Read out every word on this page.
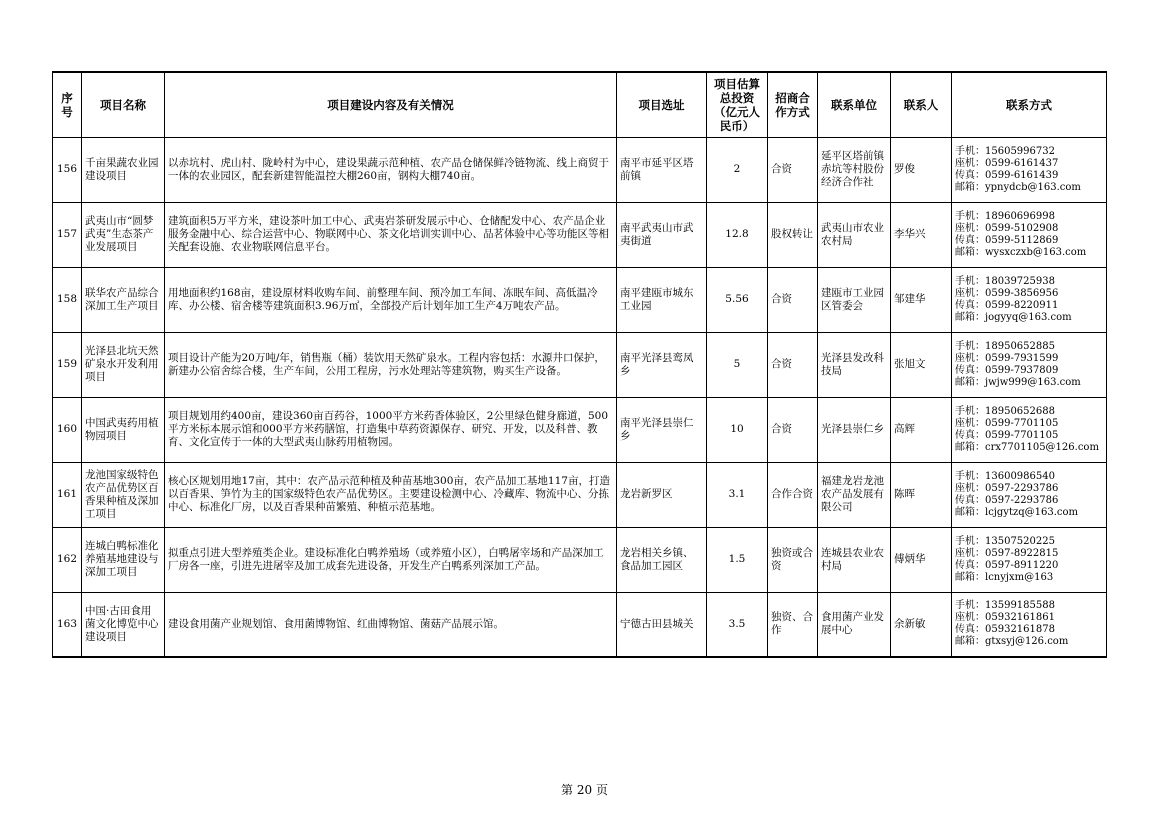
序号	项目名称	项目建设内容及有关情况	项目选址	项目估算总投资（亿元人民币）	招商合作方式	联系单位	联系人	联系方式
156	千亩果蔬农业园建设项目	以赤坑村、虎山村、陇岭村为中心，建设果蔬示范种植、农产品仓储保鲜冷链物流、线上商贸于一体的农业园区，配套新建智能温控大棚260亩，钢构大棚740亩。	南平市延平区塔前镇	2	合资	延平区塔前镇赤坑等村股份经济合作社	罗俊	手机：15605996732
座机：0599-6161437
传真：0599-6161439
邮箱：ypnydcb@163.com

157	武夷山市“圆梦武夷”生态茶产业发展项目	建筑面积5万平方米，建设茶叶加工中心、武夷岩茶研发展示中心、仓储配发中心、农产品企业服务金融中心、综合运营中心、物联网中心、茶文化培训实训中心、品茗体验中心等功能区等相关配套设施、农业物联网信息平台。	南平武夷山市武夷街道	12.8	股权转让	武夷山市农业农村局	李华兴	手机：18960696998
座机：0599-5102908
传真：0599-5112869
邮箱：wysxczxb@163.com

158	联华农产品综合深加工生产项目	用地面积约168亩，建设原材料收购车间、前整理车间、预冷加工车间、冻眠车间、高低温冷库、办公楼、宿舍楼等建筑面积3.96万㎡，全部投产后计划年加工生产4万吨农产品。	南平建瓯市城东工业园	5.56	合资	建瓯市工业园区管委会	邹建华	手机：18039725938
座机：0599-3856956
传真：0599-8220911
邮箱：jogyyq@163.com

159	光泽县北坑天然矿泉水开发利用项目	项目设计产能为20万吨/年，销售瓶（桶）装饮用天然矿泉水。工程内容包括：水源井口保护，新建办公宿舍综合楼，生产车间，公用工程房，污水处理站等建筑物，购买生产设备。	南平光泽县鸾凤乡	5	合资	光泽县发改科技局	张旭文	手机：18950652885
座机：0599-7931599
传真：0599-7937809
邮箱：jwjw999@163.com

160	中国武夷药用植物园项目	项目规划用约400亩，建设360亩百药谷，1000平方米药香体验区，2公里绿色健身廊道，500平方米标本展示馆和000平方米药膳馆，打造集中草药资源保存、研究、开发，以及科普、教育、文化宣传于一体的大型武夷山脉药用植物园。	南平光泽县崇仁乡	10	合资	光泽县崇仁乡	高辉	手机：18950652688
座机：0599-7701105
传真：0599-7701105
邮箱：crx7701105@126.com

161	龙池国家级特色农产品优势区百香果种植及深加工项目	核心区规划用地17亩，其中：农产品示范种植及种苗基地300亩，农产品加工基地117亩，打造以百香果、笋竹为主的国家级特色农产品优势区。主要建设检测中心、冷藏库、物流中心、分拣中心、标准化厂房，以及百香果种苗繁殖、种植示范基地。	龙岩新罗区	3.1	合作合资	福建龙岩龙池农产品发展有限公司	陈晖	手机：13600986540
座机：0597-2293786
传真：0597-2293786
邮箱：lcjgytzq@163.com

162	连城白鸭标准化养殖基地建设与深加工项目	拟重点引进大型养殖类企业。建设标准化白鸭养殖场（或养殖小区），白鸭屠宰场和产品深加工厂房各一座，引进先进屠宰及加工成套先进设备，开发生产白鸭系列深加工产品。	龙岩相关乡镇、食品加工园区	1.5	独资或合资	连城县农业农村局	傅炳华	手机：13507520225
座机：0597-8922815
传真：0597-8911220
邮箱：lcnyjxm@163

163	中国·古田食用菌文化博览中心建设项目	建设食用菌产业规划馆、食用菌博物馆、红曲博物馆、菌菇产品展示馆。	宁德古田县城关	3.5	独资、合作	食用菌产业发展中心	余新敏	手机：13599185588
座机：05932161861
传真：05932161878
邮箱：gtxsyj@126.com
第 20 页
